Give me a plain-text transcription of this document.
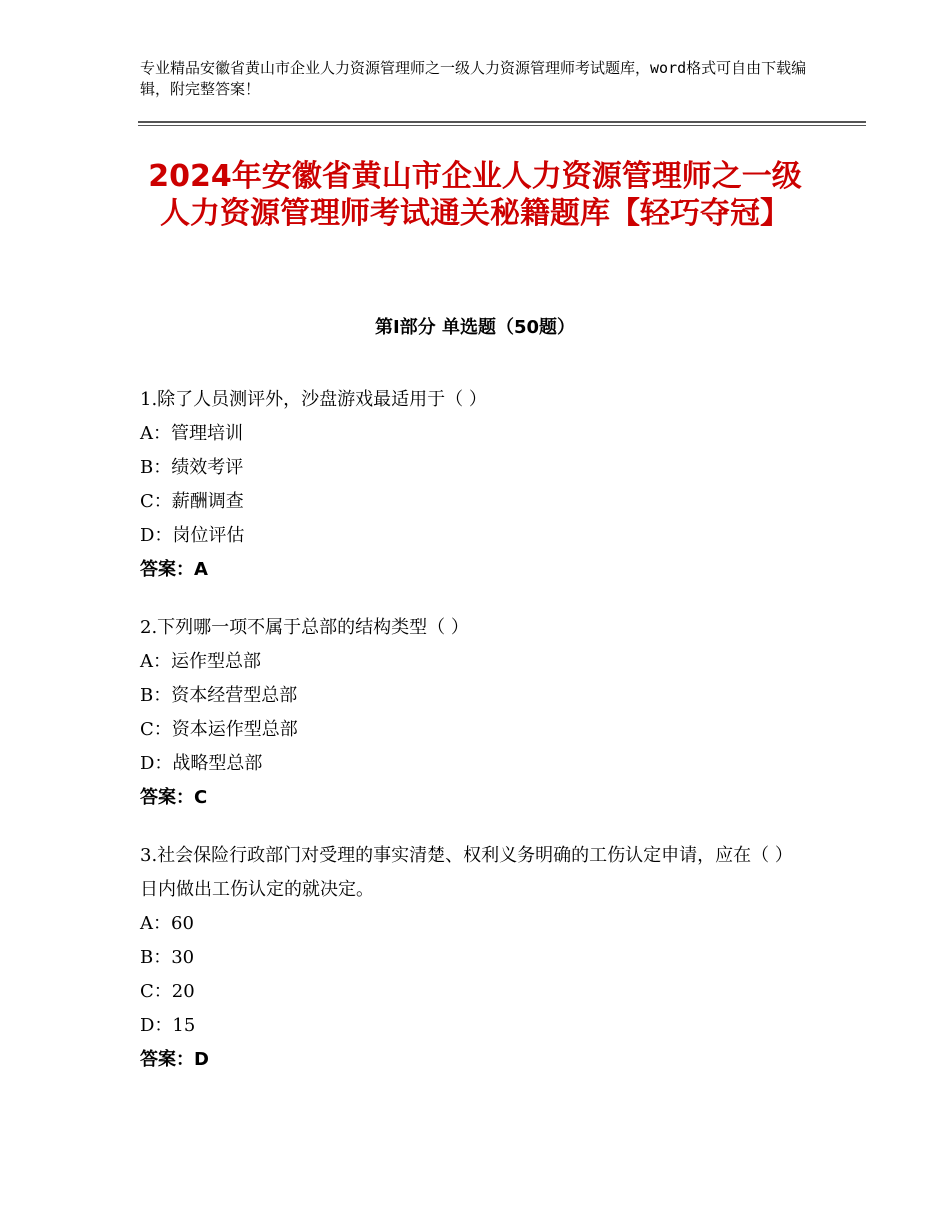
专业精品安徽省黄山市企业人力资源管理师之一级人力资源管理师考试题库，word格式可自由下载编辑，附完整答案！
2024年安徽省黄山市企业人力资源管理师之一级人力资源管理师考试通关秘籍题库【轻巧夺冠】
第Ⅰ部分 单选题（50题）
1.除了人员测评外，沙盘游戏最适用于（ ）
A：管理培训
B：绩效考评
C：薪酬调查
D：岗位评估
答案：A
2.下列哪一项不属于总部的结构类型（ ）
A：运作型总部
B：资本经营型总部
C：资本运作型总部
D：战略型总部
答案：C
3.社会保险行政部门对受理的事实清楚、权利义务明确的工伤认定申请，应在（ ）日内做出工伤认定的就决定。
A：60
B：30
C：20
D：15
答案：D
